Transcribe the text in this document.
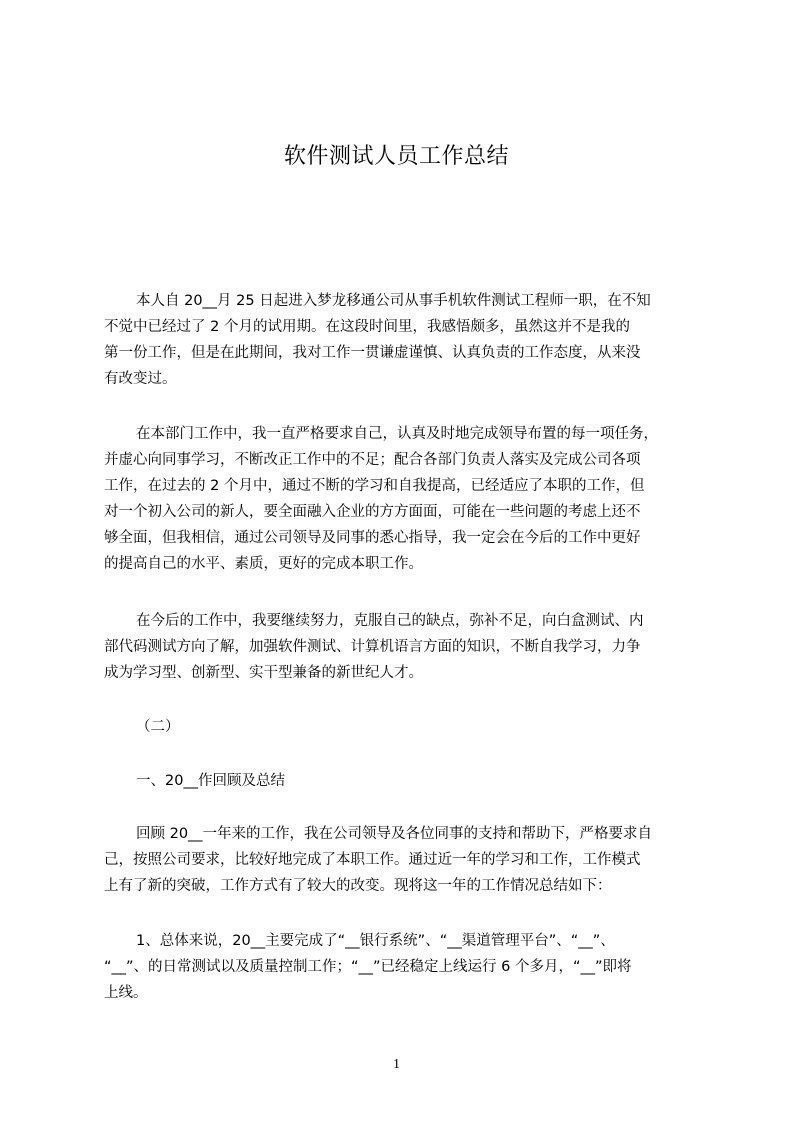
软件测试人员工作总结
本人自 20__月 25 日起进入梦龙移通公司从事手机软件测试工程师一职，在不知
不觉中已经过了 2 个月的试用期。在这段时间里，我感悟颇多，虽然这并不是我的
第一份工作，但是在此期间，我对工作一贯谦虚谨慎、认真负责的工作态度，从来没
有改变过。
在本部门工作中，我一直严格要求自己，认真及时地完成领导布置的每一项任务，
并虚心向同事学习，不断改正工作中的不足；配合各部门负责人落实及完成公司各项
工作，在过去的 2 个月中，通过不断的学习和自我提高，已经适应了本职的工作，但
对一个初入公司的新人，要全面融入企业的方方面面，可能在一些问题的考虑上还不
够全面，但我相信，通过公司领导及同事的悉心指导，我一定会在今后的工作中更好
的提高自己的水平、素质，更好的完成本职工作。
在今后的工作中，我要继续努力，克服自己的缺点，弥补不足，向白盒测试、内
部代码测试方向了解，加强软件测试、计算机语言方面的知识，不断自我学习，力争
成为学习型、创新型、实干型兼备的新世纪人才。
（二）
一、20__作回顾及总结
回顾 20__一年来的工作，我在公司领导及各位同事的支持和帮助下，严格要求自
己，按照公司要求，比较好地完成了本职工作。通过近一年的学习和工作，工作模式
上有了新的突破，工作方式有了较大的改变。现将这一年的工作情况总结如下：
1、总体来说，20__主要完成了“__银行系统”、“__渠道管理平台”、“__”、
“__”、的日常测试以及质量控制工作；“__”已经稳定上线运行 6 个多月，“__”即将
上线。
1
